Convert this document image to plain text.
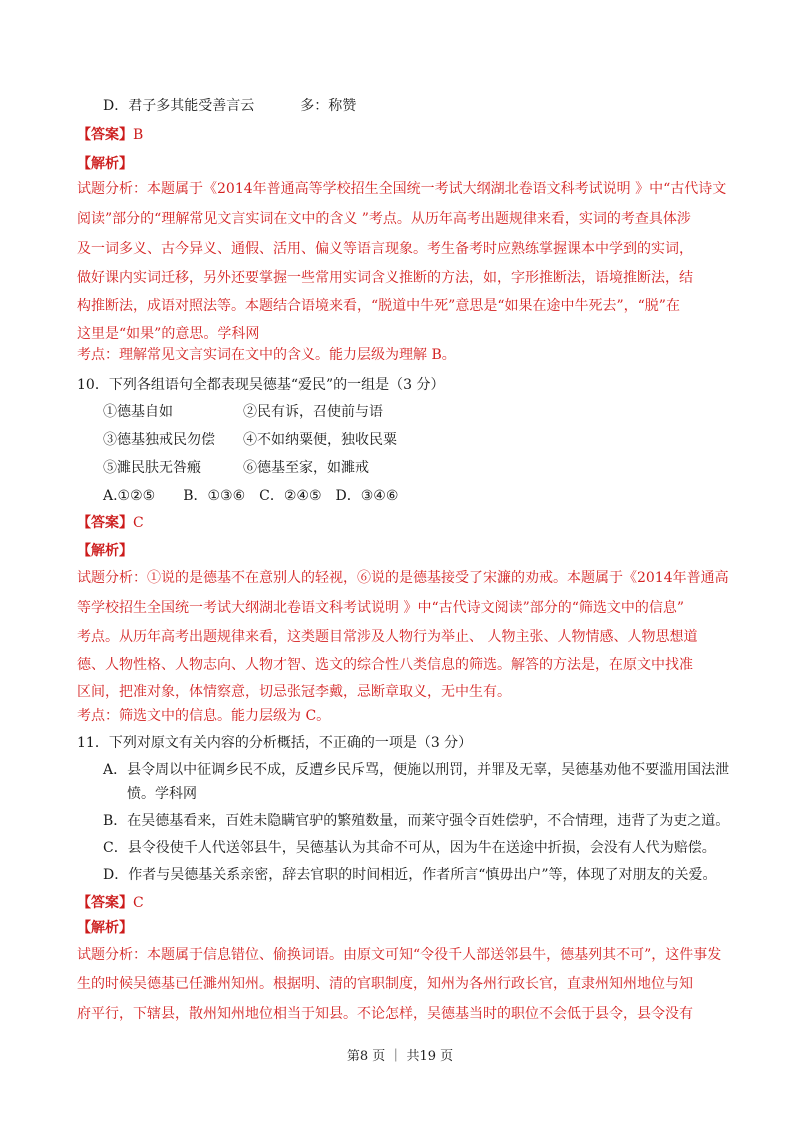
D．君子多其能受善言云	多：称赞
【答案】B
【解析】
试题分析：本题属于《2014年普通高等学校招生全国统一考试大纲湖北卷语文科考试说明 》中“古代诗文
阅读”部分的“理解常见文言实词在文中的含义 ”考点。从历年高考出题规律来看，实词的考查具体涉
及一词多义、古今异义、通假、活用、偏义等语言现象。考生备考时应熟练掌握课本中学到的实词，
做好课内实词迁移，另外还要掌握一些常用实词含义推断的方法，如，字形推断法，语境推断法，结
构推断法，成语对照法等。本题结合语境来看，“脱道中牛死”意思是“如果在途中牛死去”，“脱”在
这里是“如果”的意思。学科网
考点：理解常见文言实词在文中的含义。能力层级为理解 B。
10．下列各组语句全都表现吴德基“爱民”的一组是（3 分）
①德基自如	②民有诉，召使前与语
③德基独戒民勿偿 ④不如纳粟便，独收民粟
⑤濉民肤无咎瘢	⑥德基至家，如濉戒
A.①②⑤　　B．①③⑥　C．②④⑤　D．③④⑥
【答案】C
【解析】
试题分析：①说的是德基不在意别人的轻视，⑥说的是德基接受了宋濂的劝戒。本题属于《2014年普通高
等学校招生全国统一考试大纲湖北卷语文科考试说明 》中“古代诗文阅读”部分的“筛选文中的信息”
考点。从历年高考出题规律来看，这类题目常涉及人物行为举止、 人物主张、人物情感、人物思想道
德、人物性格、人物志向、人物才智、选文的综合性八类信息的筛选。解答的方法是，在原文中找准
区间，把准对象，体情察意，切忌张冠李戴，忌断章取义，无中生有。
考点：筛选文中的信息。能力层级为 C。
11．下列对原文有关内容的分析概括，不正确的一项是（3 分）
A．县令周以中征调乡民不成，反遭乡民斥骂，便施以刑罚，并罪及无辜，吴德基劝他不要滥用国法泄
愤。学科网
B．在吴德基看来，百姓未隐瞒官驴的繁殖数量，而莱守强令百姓偿驴，不合情理，违背了为吏之道。
C．县令役使千人代送邻县牛，吴德基认为其命不可从，因为牛在送途中折损，会没有人代为赔偿。
D．作者与吴德基关系亲密，辞去官职的时间相近，作者所言“慎毋出户”等，体现了对朋友的关爱。
【答案】C
【解析】
试题分析：本题属于信息错位、偷换词语。由原文可知“令役千人部送邻县牛，德基列其不可”，这件事发
生的时候吴德基已任濉州知州。根据明、清的官职制度，知州为各州行政长官，直隶州知州地位与知
府平行，下辖县，散州知州地位相当于知县。不论怎样，吴德基当时的职位不会低于县令，县令没有
第8 页 ｜ 共19 页
